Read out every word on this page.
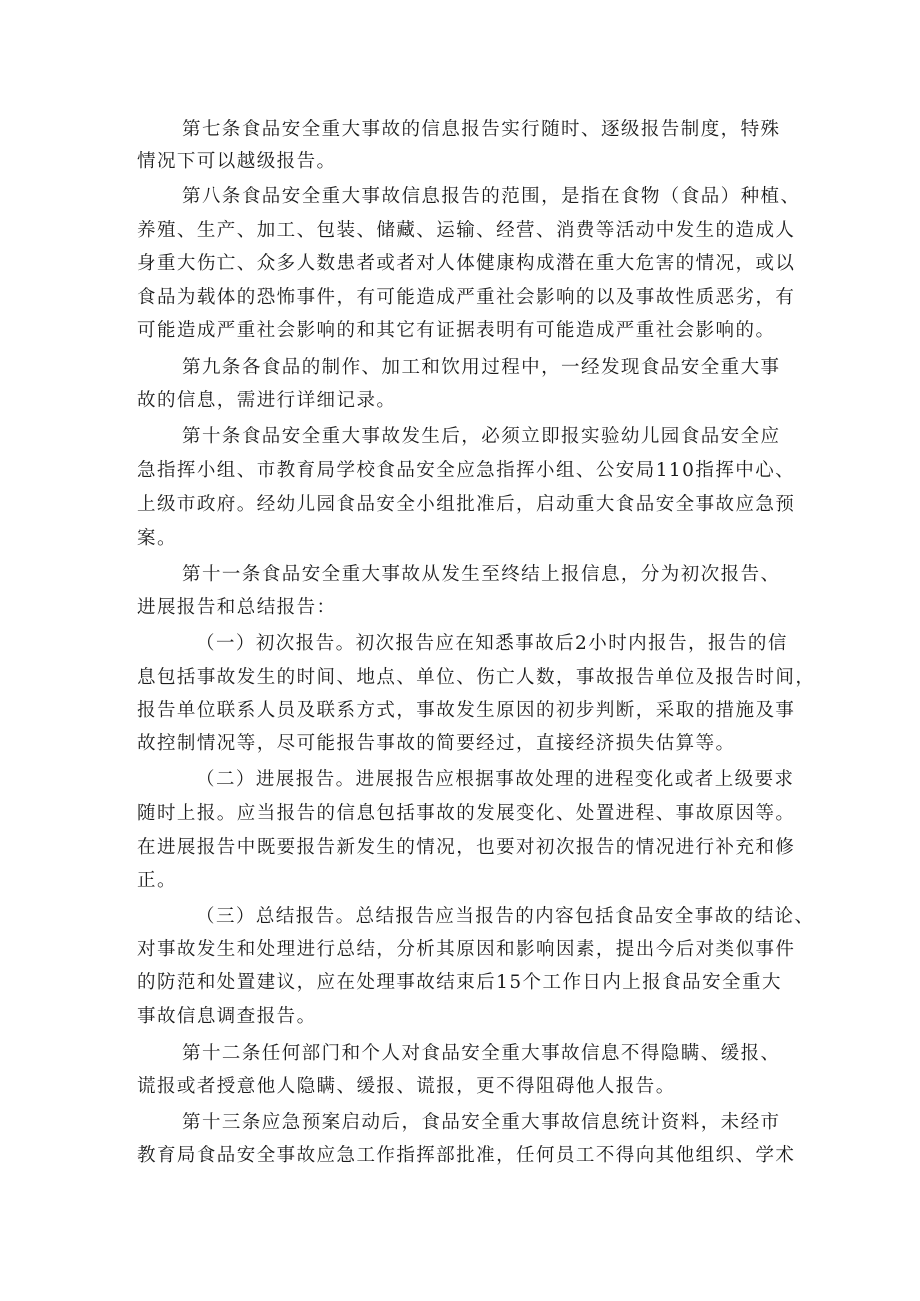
第七条食品安全重大事故的信息报告实行随时、逐级报告制度，特殊
情况下可以越级报告。
第八条食品安全重大事故信息报告的范围，是指在食物（食品）种植、
养殖、生产、加工、包装、储藏、运输、经营、消费等活动中发生的造成人
身重大伤亡、众多人数患者或者对人体健康构成潜在重大危害的情况，或以
食品为载体的恐怖事件，有可能造成严重社会影响的以及事故性质恶劣，有
可能造成严重社会影响的和其它有证据表明有可能造成严重社会影响的。
第九条各食品的制作、加工和饮用过程中，一经发现食品安全重大事
故的信息，需进行详细记录。
第十条食品安全重大事故发生后，必须立即报实验幼儿园食品安全应
急指挥小组、市教育局学校食品安全应急指挥小组、公安局110指挥中心、
上级市政府。经幼儿园食品安全小组批准后，启动重大食品安全事故应急预
案。
第十一条食品安全重大事故从发生至终结上报信息，分为初次报告、
进展报告和总结报告：
（一）初次报告。初次报告应在知悉事故后2小时内报告，报告的信
息包括事故发生的时间、地点、单位、伤亡人数，事故报告单位及报告时间，
报告单位联系人员及联系方式，事故发生原因的初步判断，采取的措施及事
故控制情况等，尽可能报告事故的简要经过，直接经济损失估算等。
（二）进展报告。进展报告应根据事故处理的进程变化或者上级要求
随时上报。应当报告的信息包括事故的发展变化、处置进程、事故原因等。
在进展报告中既要报告新发生的情况，也要对初次报告的情况进行补充和修
正。
（三）总结报告。总结报告应当报告的内容包括食品安全事故的结论、
对事故发生和处理进行总结，分析其原因和影响因素，提出今后对类似事件
的防范和处置建议，应在处理事故结束后15个工作日内上报食品安全重大
事故信息调查报告。
第十二条任何部门和个人对食品安全重大事故信息不得隐瞒、缓报、
谎报或者授意他人隐瞒、缓报、谎报，更不得阻碍他人报告。
第十三条应急预案启动后，食品安全重大事故信息统计资料，未经市
教育局食品安全事故应急工作指挥部批准，任何员工不得向其他组织、学术
